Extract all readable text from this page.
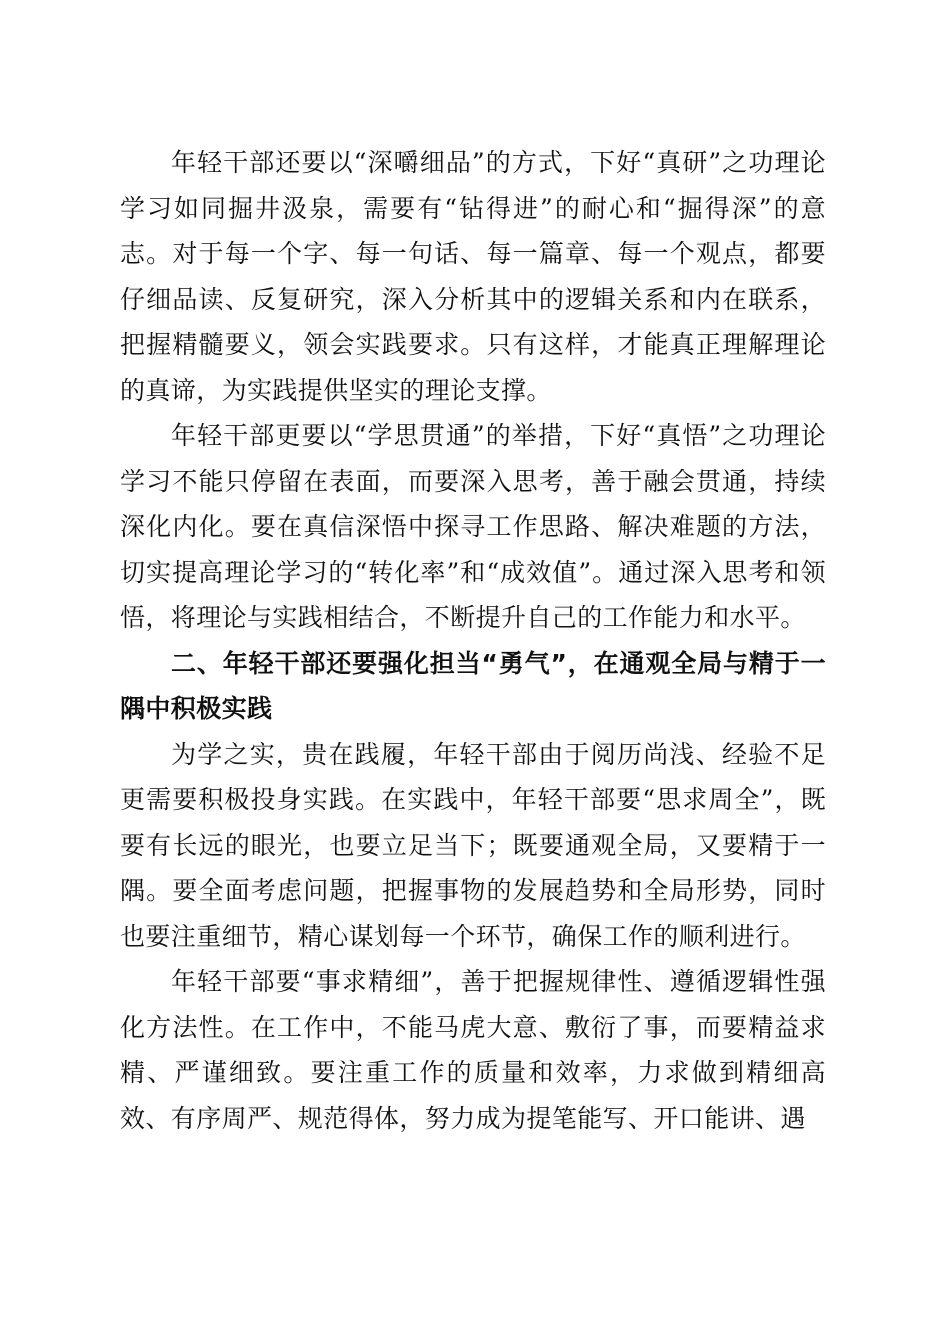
年轻干部还要以“深嚼细品”的方式，下好“真研”之功理论学习如同掘井汲泉，需要有“钻得进”的耐心和“掘得深”的意志。对于每一个字、每一句话、每一篇章、每一个观点，都要仔细品读、反复研究，深入分析其中的逻辑关系和内在联系，把握精髓要义，领会实践要求。只有这样，才能真正理解理论的真谛，为实践提供坚实的理论支撑。

年轻干部更要以“学思贯通”的举措，下好“真悟”之功理论学习不能只停留在表面，而要深入思考，善于融会贯通，持续深化内化。要在真信深悟中探寻工作思路、解决难题的方法，切实提高理论学习的“转化率”和“成效值”。通过深入思考和领悟，将理论与实践相结合，不断提升自己的工作能力和水平。

二、年轻干部还要强化担当“勇气”，在通观全局与精于一隅中积极实践

为学之实，贵在践履，年轻干部由于阅历尚浅、经验不足更需要积极投身实践。在实践中，年轻干部要“思求周全”，既要有长远的眼光，也要立足当下；既要通观全局，又要精于一隅。要全面考虑问题，把握事物的发展趋势和全局形势，同时也要注重细节，精心谋划每一个环节，确保工作的顺利进行。

年轻干部要“事求精细”，善于把握规律性、遵循逻辑性强化方法性。在工作中，不能马虎大意、敷衍了事，而要精益求精、严谨细致。要注重工作的质量和效率，力求做到精细高效、有序周严、规范得体，努力成为提笔能写、开口能讲、遇
